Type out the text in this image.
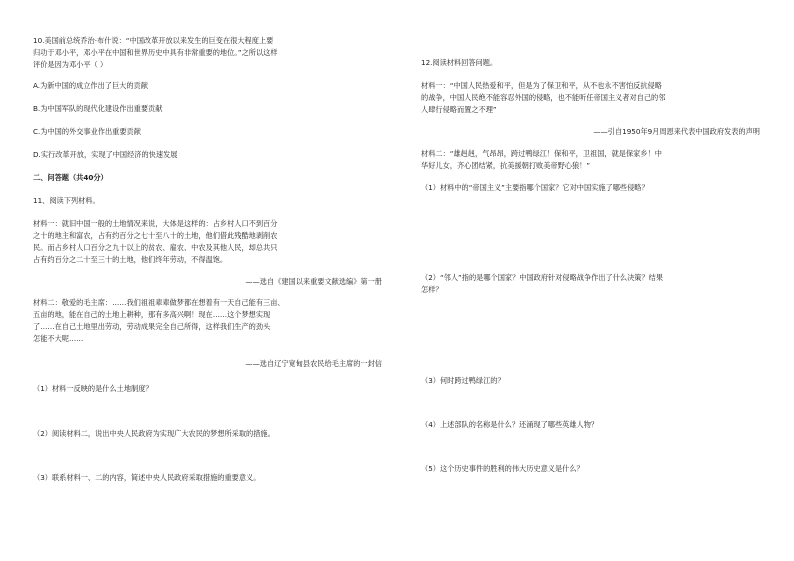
10.美国前总统乔治·布什说：“中国改革开放以来发生的巨变在很大程度上要
归功于邓小平，邓小平在中国和世界历史中具有非常重要的地位。”之所以这样
评价是因为邓小平（ ）
A.为新中国的成立作出了巨大的贡献
B.为中国军队的现代化建设作出重要贡献
C.为中国的外交事业作出重要贡献
D.实行改革开放，实现了中国经济的快速发展
二、问答题（共40分）
11、阅读下列材料。
材料一：就旧中国一般的土地情况来说，大体是这样的：占乡村人口不到百分
之十的地主和富农，占有约百分之七十至八十的土地，他们借此残酷地剥削农
民。而占乡村人口百分之九十以上的贫农、雇农、中农及其他人民，却总共只
占有约百分之二十至三十的土地，他们终年劳动，不得温饱。
——选自《建国以来重要文献选编》第一册
材料二：敬爱的毛主席：……我们祖祖辈辈做梦都在想着有一天自己能有三亩、
五亩的地，能在自己的土地上耕种，那有多高兴啊！现在……这个梦想实现
了……在自己土地里出劳动，劳动成果完全自己所得，这样我们生产的劲头
怎能不大呢……
——选自辽宁宽甸县农民给毛主席的一封信
（1）材料一反映的是什么土地制度？
（2）阅读材料二，说出中央人民政府为实现广大农民的梦想所采取的措施。
（3）联系材料一、二的内容，简述中央人民政府采取措施的重要意义。
12.阅读材料回答问题。
材料一：“中国人民热爱和平，但是为了保卫和平，从不也永不害怕反抗侵略
的战争，中国人民绝不能容忍外国的侵略，也不能听任帝国主义者对自己的邻
人肆行侵略而置之不理”
——引自1950年9月周恩来代表中国政府发表的声明
材料二：“雄赳赳，气昂昂，跨过鸭绿江！保和平，卫祖国，就是保家乡！中
华好儿女，齐心团结紧，抗美援朝打败美帝野心狼！”
（1）材料中的“帝国主义”主要指哪个国家？它对中国实施了哪些侵略？
（2）“邻人”指的是哪个国家？中国政府针对侵略战争作出了什么决策？结果
怎样？
（3）何时跨过鸭绿江的？
（4）上述部队的名称是什么？还涌现了哪些英雄人物？
（5）这个历史事件的胜利的伟大历史意义是什么？
